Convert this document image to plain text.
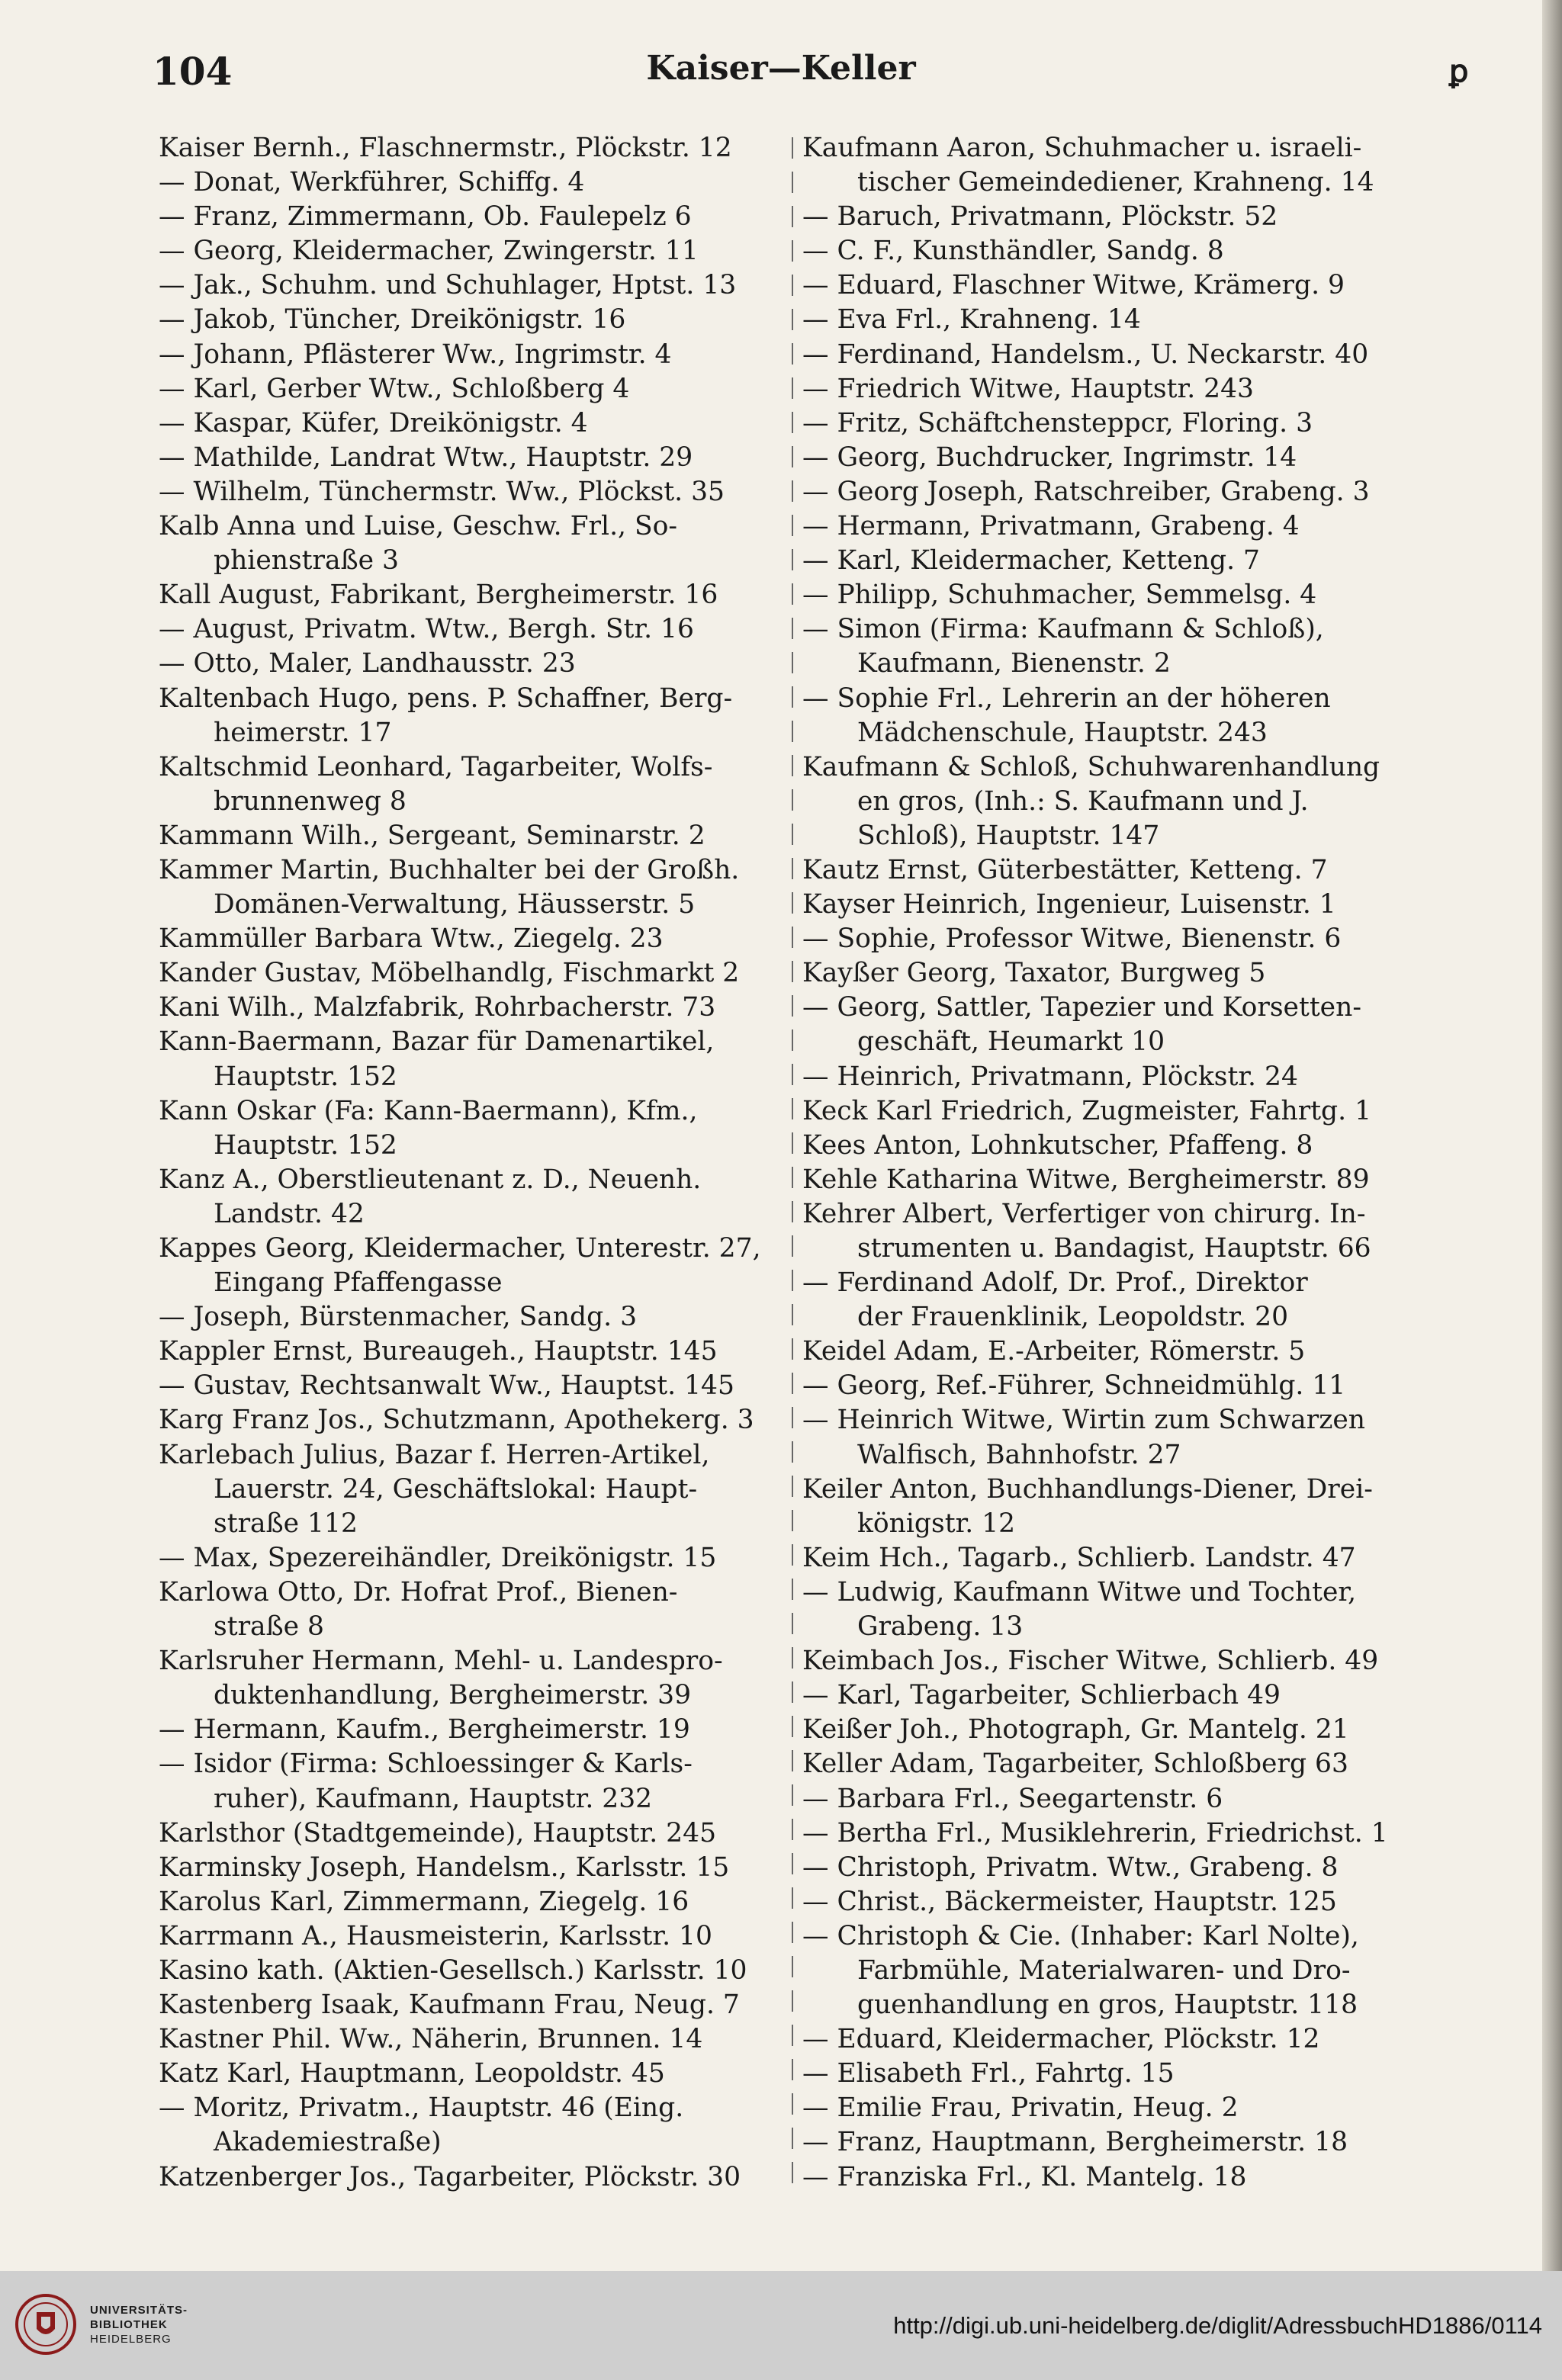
104	Kaiser—Keller	ꝑ
Kaiser Bernh., Flaschnermstr., Plöckstr. 12
— Donat, Werkführer, Schiffg. 4
— Franz, Zimmermann, Ob. Faulepelz 6
— Georg, Kleidermacher, Zwingerstr. 11
— Jak., Schuhm. und Schuhlager, Hptst. 13
— Jakob, Tüncher, Dreikönigstr. 16
— Johann, Pflästerer Ww., Ingrimstr. 4
— Karl, Gerber Wtw., Schloßberg 4
— Kaspar, Küfer, Dreikönigstr. 4
— Mathilde, Landrat Wtw., Hauptstr. 29
— Wilhelm, Tünchermstr. Ww., Plöckst. 35
Kalb Anna und Luise, Geschw. Frl., So-
phienstraße 3
Kall August, Fabrikant, Bergheimerstr. 16
— August, Privatm. Wtw., Bergh. Str. 16
— Otto, Maler, Landhausstr. 23
Kaltenbach Hugo, pens. P. Schaffner, Berg-
heimerstr. 17
Kaltschmid Leonhard, Tagarbeiter, Wolfs-
brunnenweg 8
Kammann Wilh., Sergeant, Seminarstr. 2
Kammer Martin, Buchhalter bei der Großh.
Domänen-Verwaltung, Häusserstr. 5
Kammüller Barbara Wtw., Ziegelg. 23
Kander Gustav, Möbelhandlg, Fischmarkt 2
Kani Wilh., Malzfabrik, Rohrbacherstr. 73
Kann-Baermann, Bazar für Damenartikel,
Hauptstr. 152
Kann Oskar (Fa: Kann-Baermann), Kfm.,
Hauptstr. 152
Kanz A., Oberstlieutenant z. D., Neuenh.
Landstr. 42
Kappes Georg, Kleidermacher, Unterestr. 27,
Eingang Pfaffengasse
— Joseph, Bürstenmacher, Sandg. 3
Kappler Ernst, Bureaugeh., Hauptstr. 145
— Gustav, Rechtsanwalt Ww., Hauptst. 145
Karg Franz Jos., Schutzmann, Apothekerg. 3
Karlebach Julius, Bazar f. Herren-Artikel,
Lauerstr. 24, Geschäftslokal: Haupt-
straße 112
— Max, Spezereihändler, Dreikönigstr. 15
Karlowa Otto, Dr. Hofrat Prof., Bienen-
straße 8
Karlsruher Hermann, Mehl- u. Landespro-
duktenhandlung, Bergheimerstr. 39
— Hermann, Kaufm., Bergheimerstr. 19
— Isidor (Firma: Schloessinger & Karls-
ruher), Kaufmann, Hauptstr. 232
Karlsthor (Stadtgemeinde), Hauptstr. 245
Karminsky Joseph, Handelsm., Karlsstr. 15
Karolus Karl, Zimmermann, Ziegelg. 16
Karrmann A., Hausmeisterin, Karlsstr. 10
Kasino kath. (Aktien-Gesellsch.) Karlsstr. 10
Kastenberg Isaak, Kaufmann Frau, Neug. 7
Kastner Phil. Ww., Näherin, Brunnen. 14
Katz Karl, Hauptmann, Leopoldstr. 45
— Moritz, Privatm., Hauptstr. 46 (Eing.
Akademiestraße)
Katzenberger Jos., Tagarbeiter, Plöckstr. 30
Kaufmann Aaron, Schuhmacher u. israeli-
tischer Gemeindediener, Krahneng. 14
— Baruch, Privatmann, Plöckstr. 52
— C. F., Kunsthändler, Sandg. 8
— Eduard, Flaschner Witwe, Krämerg. 9
— Eva Frl., Krahneng. 14
— Ferdinand, Handelsm., U. Neckarstr. 40
— Friedrich Witwe, Hauptstr. 243
— Fritz, Schäftchensteppcr, Floring. 3
— Georg, Buchdrucker, Ingrimstr. 14
— Georg Joseph, Ratschreiber, Grabeng. 3
— Hermann, Privatmann, Grabeng. 4
— Karl, Kleidermacher, Ketteng. 7
— Philipp, Schuhmacher, Semmelsg. 4
— Simon (Firma: Kaufmann & Schloß),
Kaufmann, Bienenstr. 2
— Sophie Frl., Lehrerin an der höheren
Mädchenschule, Hauptstr. 243
Kaufmann & Schloß, Schuhwarenhandlung
en gros, (Inh.: S. Kaufmann und J.
Schloß), Hauptstr. 147
Kautz Ernst, Güterbestätter, Ketteng. 7
Kayser Heinrich, Ingenieur, Luisenstr. 1
— Sophie, Professor Witwe, Bienenstr. 6
Kayßer Georg, Taxator, Burgweg 5
— Georg, Sattler, Tapezier und Korsetten-
geschäft, Heumarkt 10
— Heinrich, Privatmann, Plöckstr. 24
Keck Karl Friedrich, Zugmeister, Fahrtg. 1
Kees Anton, Lohnkutscher, Pfaffeng. 8
Kehle Katharina Witwe, Bergheimerstr. 89
Kehrer Albert, Verfertiger von chirurg. In-
strumenten u. Bandagist, Hauptstr. 66
— Ferdinand Adolf, Dr. Prof., Direktor
der Frauenklinik, Leopoldstr. 20
Keidel Adam, E.-Arbeiter, Römerstr. 5
— Georg, Ref.-Führer, Schneidmühlg. 11
— Heinrich Witwe, Wirtin zum Schwarzen
Walfisch, Bahnhofstr. 27
Keiler Anton, Buchhandlungs-Diener, Drei-
königstr. 12
Keim Hch., Tagarb., Schlierb. Landstr. 47
— Ludwig, Kaufmann Witwe und Tochter,
Grabeng. 13
Keimbach Jos., Fischer Witwe, Schlierb. 49
— Karl, Tagarbeiter, Schlierbach 49
Keißer Joh., Photograph, Gr. Mantelg. 21
Keller Adam, Tagarbeiter, Schloßberg 63
— Barbara Frl., Seegartenstr. 6
— Bertha Frl., Musiklehrerin, Friedrichst. 1
— Christoph, Privatm. Wtw., Grabeng. 8
— Christ., Bäckermeister, Hauptstr. 125
— Christoph & Cie. (Inhaber: Karl Nolte),
Farbmühle, Materialwaren- und Dro-
guenhandlung en gros, Hauptstr. 118
— Eduard, Kleidermacher, Plöckstr. 12
— Elisabeth Frl., Fahrtg. 15
— Emilie Frau, Privatin, Heug. 2
— Franz, Hauptmann, Bergheimerstr. 18
— Franziska Frl., Kl. Mantelg. 18
UNIVERSITÄTS-
BIBLIOTHEK
HEIDELBERG
http://digi.ub.uni-heidelberg.de/diglit/AdressbuchHD1886/0114
